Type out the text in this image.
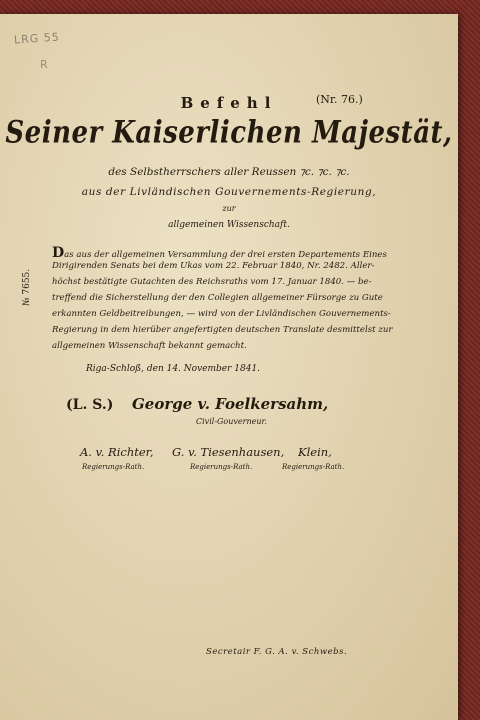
LRG 55
R
Befehl	(Nr. 76.)
Seiner Kaiserlichen Majestät,
des Selbstherrschers aller Reussen ⁊c. ⁊c. ⁊c.
aus der Livländischen Gouvernements-Regierung,
zur
allgemeinen Wissenschaft.
№ 7655.
Das aus der allgemeinen Versammlung der drei ersten Departements Eines
Dirigirenden Senats bei dem Ukas vom 22. Februar 1840, Nr. 2482. Aller-
höchst bestätigte Gutachten des Reichsraths vom 17. Januar 1840. — be-
treffend die Sicherstellung der den Collegien allgemeiner Fürsorge zu Gute
erkannten Geldbeitreibungen, — wird von der Livländischen Gouvernements-
Regierung in dem hierüber angefertigten deutschen Translate desmittelst zur
allgemeinen Wissenschaft bekannt gemacht.
Riga-Schloß, den 14. November 1841.
(L. S.) George v. Foelkersahm,
Civil-Gouverneur.
A. v. Richter,
Regierungs-Rath.
G. v. Tiesenhausen,
Regierungs-Rath.
Klein,
Regierungs-Rath.
Secretair F. G. A. v. Schwebs.
